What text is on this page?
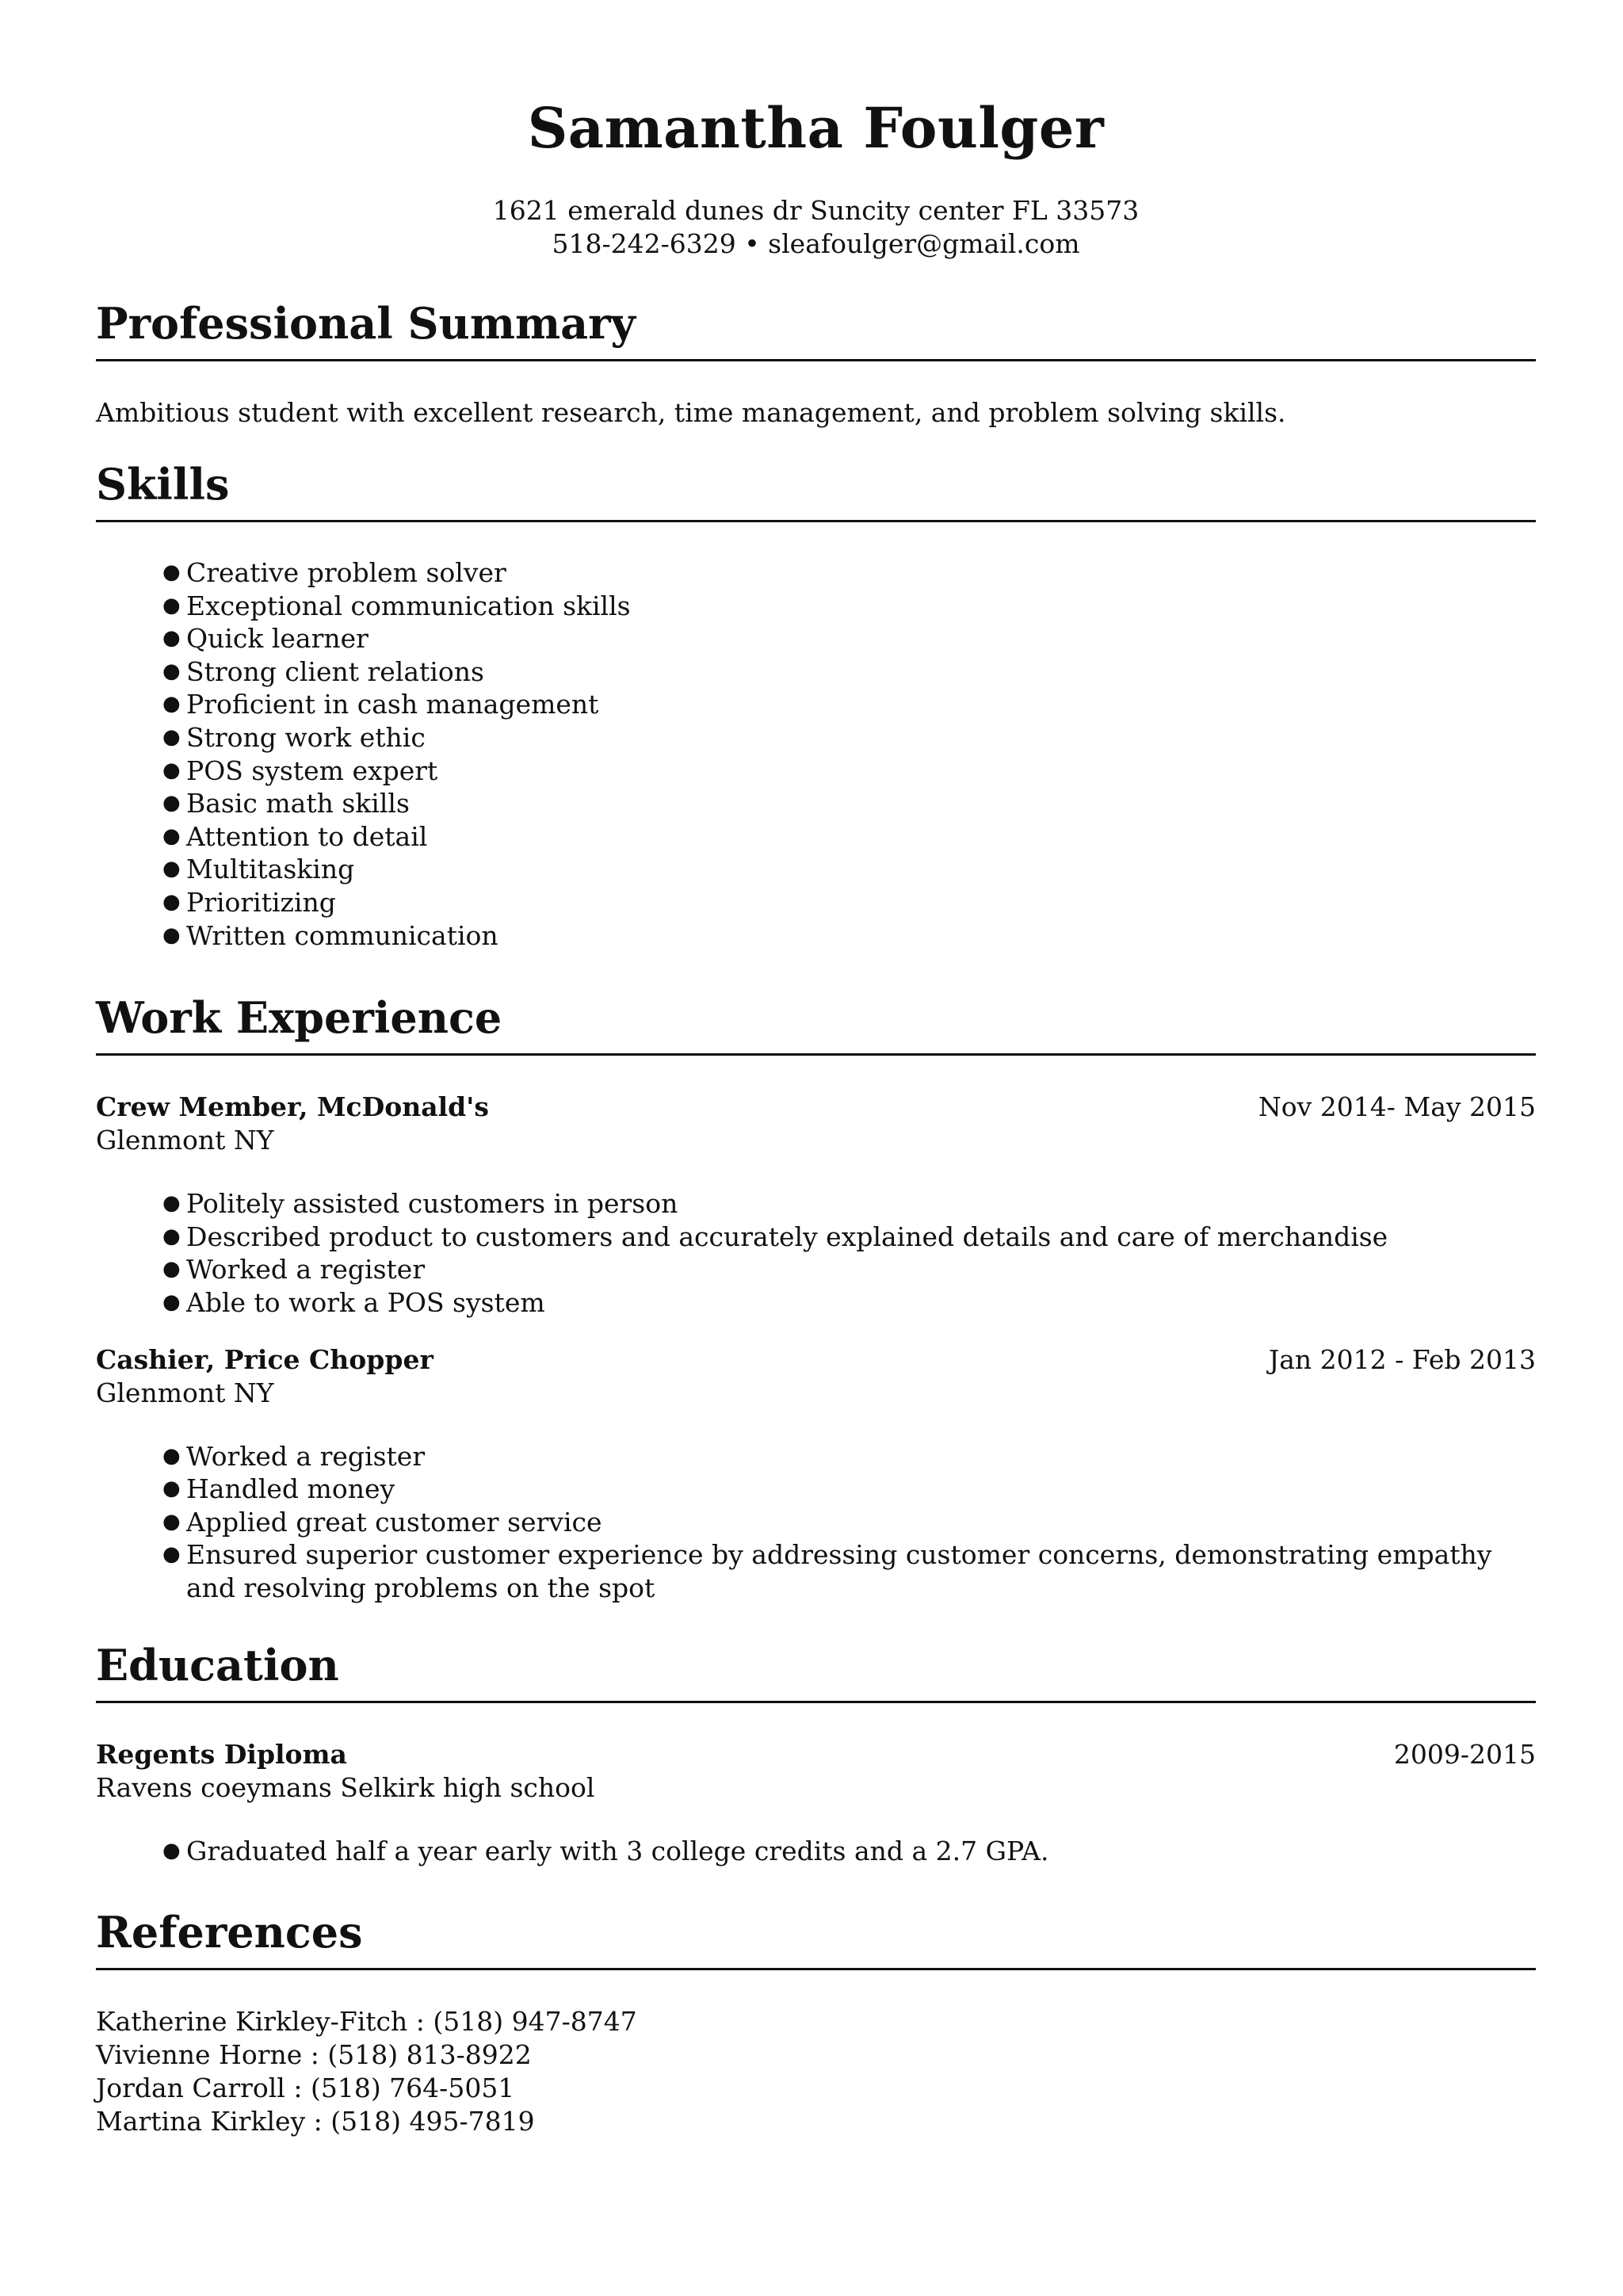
Samantha Foulger
1621 emerald dunes dr Suncity center FL 33573
518-242-6329 • sleafoulger@gmail.com
Professional Summary
Ambitious student with excellent research, time management, and problem solving skills.
Skills
● Creative problem solver
● Exceptional communication skills
● Quick learner
● Strong client relations
● Proficient in cash management
● Strong work ethic
● POS system expert
● Basic math skills
● Attention to detail
● Multitasking
● Prioritizing
● Written communication
Work Experience
Crew Member, McDonald's	Nov 2014- May 2015
Glenmont NY
● Politely assisted customers in person
● Described product to customers and accurately explained details and care of merchandise
● Worked a register
● Able to work a POS system
Cashier, Price Chopper	Jan 2012 - Feb 2013
Glenmont NY
● Worked a register
● Handled money
● Applied great customer service
● Ensured superior customer experience by addressing customer concerns, demonstrating empathy and resolving problems on the spot
Education
Regents Diploma	2009-2015
Ravens coeymans Selkirk high school
● Graduated half a year early with 3 college credits and a 2.7 GPA.
References
Katherine Kirkley-Fitch : (518) 947-8747
Vivienne Horne : (518) 813-8922
Jordan Carroll : (518) 764-5051
Martina Kirkley : (518) 495-7819
